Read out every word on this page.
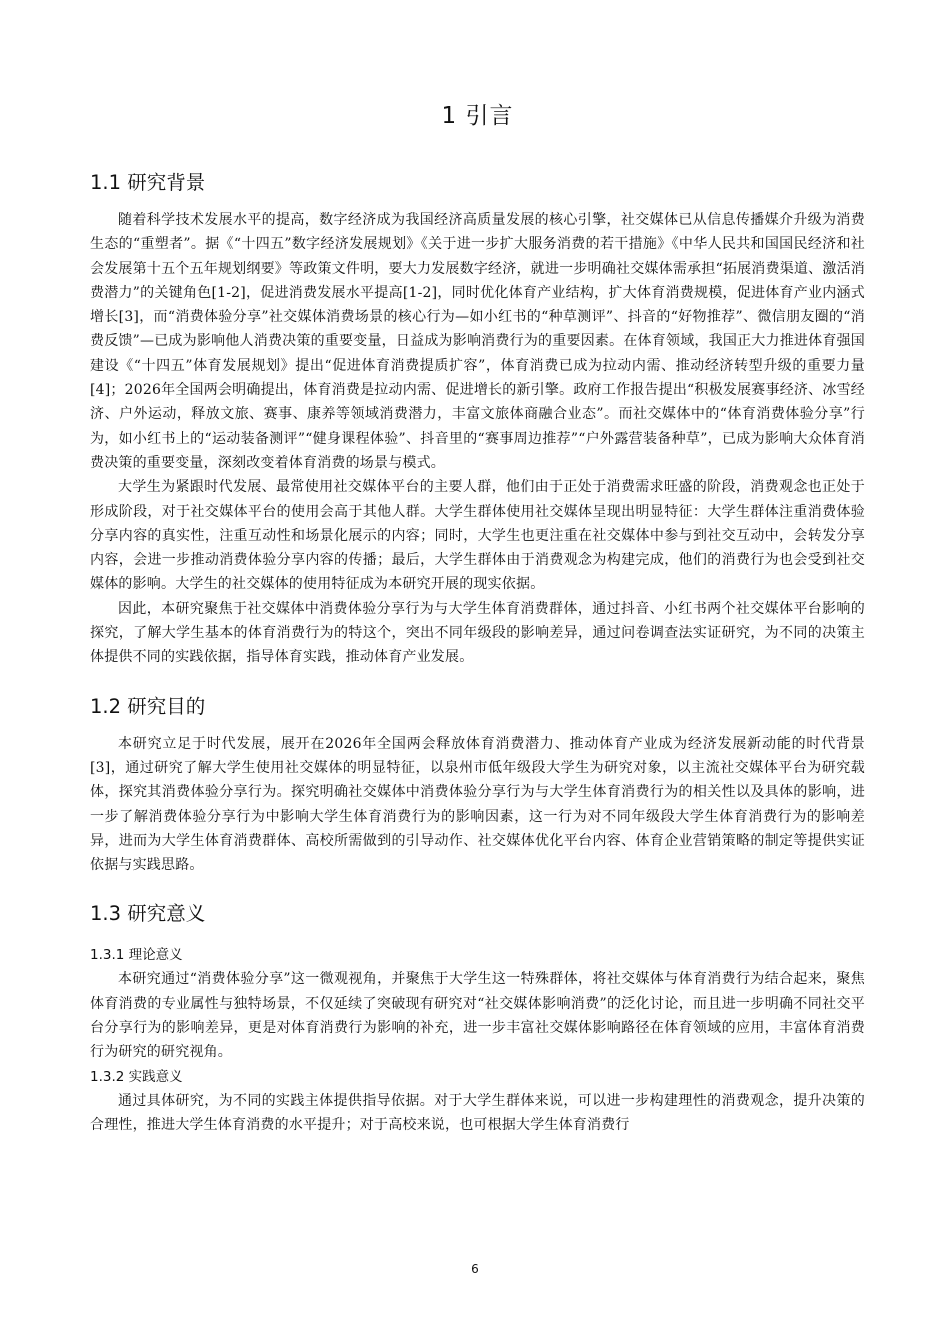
1 引言
1.1 研究背景

随着科学技术发展水平的提高，数字经济成为我国经济高质量发展的核心引擎，社交媒体已从信息传播媒介升级为消费生态的“重塑者”。据《“十四五”数字经济发展规划》《关于进一步扩大服务消费的若干措施》《中华人民共和国国民经济和社会发展第十五个五年规划纲要》等政策文件明，要大力发展数字经济，就进一步明确社交媒体需承担“拓展消费渠道、激活消费潜力”的关键角色[1-2]，促进消费发展水平提高[1-2]，同时优化体育产业结构，扩大体育消费规模，促进体育产业内涵式增长[3]，而“消费体验分享”社交媒体消费场景的核心行为—如小红书的“种草测评”、抖音的“好物推荐”、微信朋友圈的“消费反馈”—已成为影响他人消费决策的重要变量，日益成为影响消费行为的重要因素。在体育领域，我国正大力推进体育强国建设《“十四五”体育发展规划》提出“促进体育消费提质扩容”，体育消费已成为拉动内需、推动经济转型升级的重要力量[4]；2026年全国两会明确提出，体育消费是拉动内需、促进增长的新引擎。政府工作报告提出“积极发展赛事经济、冰雪经济、户外运动，释放文旅、赛事、康养等领域消费潜力，丰富文旅体商融合业态”。而社交媒体中的“体育消费体验分享”行为，如小红书上的“运动装备测评”“健身课程体验”、抖音里的“赛事周边推荐”“户外露营装备种草”，已成为影响大众体育消费决策的重要变量，深刻改变着体育消费的场景与模式。

大学生为紧跟时代发展、最常使用社交媒体平台的主要人群，他们由于正处于消费需求旺盛的阶段，消费观念也正处于形成阶段，对于社交媒体平台的使用会高于其他人群。大学生群体使用社交媒体呈现出明显特征：大学生群体注重消费体验分享内容的真实性，注重互动性和场景化展示的内容；同时，大学生也更注重在社交媒体中参与到社交互动中，会转发分享内容，会进一步推动消费体验分享内容的传播；最后，大学生群体由于消费观念为构建完成，他们的消费行为也会受到社交媒体的影响。大学生的社交媒体的使用特征成为本研究开展的现实依据。

因此，本研究聚焦于社交媒体中消费体验分享行为与大学生体育消费群体，通过抖音、小红书两个社交媒体平台影响的探究，了解大学生基本的体育消费行为的特这个，突出不同年级段的影响差异，通过问卷调查法实证研究，为不同的决策主体提供不同的实践依据，指导体育实践，推动体育产业发展。

1.2 研究目的

本研究立足于时代发展，展开在2026年全国两会释放体育消费潜力、推动体育产业成为经济发展新动能的时代背景[3]，通过研究了解大学生使用社交媒体的明显特征，以泉州市低年级段大学生为研究对象，以主流社交媒体平台为研究载体，探究其消费体验分享行为。探究明确社交媒体中消费体验分享行为与大学生体育消费行为的相关性以及具体的影响，进一步了解消费体验分享行为中影响大学生体育消费行为的影响因素，这一行为对不同年级段大学生体育消费行为的影响差异，进而为大学生体育消费群体、高校所需做到的引导动作、社交媒体优化平台内容、体育企业营销策略的制定等提供实证依据与实践思路。

1.3 研究意义
1.3.1 理论意义

本研究通过“消费体验分享”这一微观视角，并聚焦于大学生这一特殊群体，将社交媒体与体育消费行为结合起来，聚焦体育消费的专业属性与独特场景，不仅延续了突破现有研究对“社交媒体影响消费”的泛化讨论，而且进一步明确不同社交平台分享行为的影响差异，更是对体育消费行为影响的补充，进一步丰富社交媒体影响路径在体育领域的应用，丰富体育消费行为研究的研究视角。

1.3.2 实践意义

通过具体研究，为不同的实践主体提供指导依据。对于大学生群体来说，可以进一步构建理性的消费观念，提升决策的合理性，推进大学生体育消费的水平提升；对于高校来说，也可根据大学生体育消费行

6
